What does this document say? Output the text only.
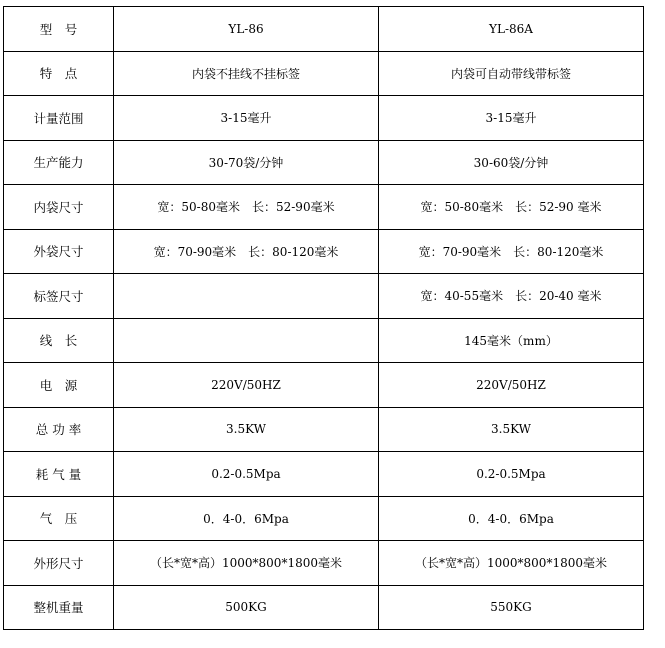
型　号	YL-86	YL-86A
特　点	内袋不挂线不挂标签	内袋可自动带线带标签
计量范围	3-15毫升	3-15毫升
生产能力	30-70袋/分钟	30-60袋/分钟
内袋尺寸	宽：50-80毫米　长：52-90毫米	宽：50-80毫米　长：52-90 毫米
外袋尺寸	宽：70-90毫米　长：80-120毫米	宽：70-90毫米　长：80-120毫米
标签尺寸		宽：40-55毫米　长：20-40 毫米
线　长		145毫米（mm）
电　源	220V/50HZ	220V/50HZ
总 功 率	3.5KW	3.5KW
耗 气 量	0.2-0.5Mpa	0.2-0.5Mpa
气　压	0．4-0．6Mpa	0．4-0．6Mpa
外形尺寸	（长*宽*高）1000*800*1800毫米	（长*宽*高）1000*800*1800毫米
整机重量	500KG	550KG
